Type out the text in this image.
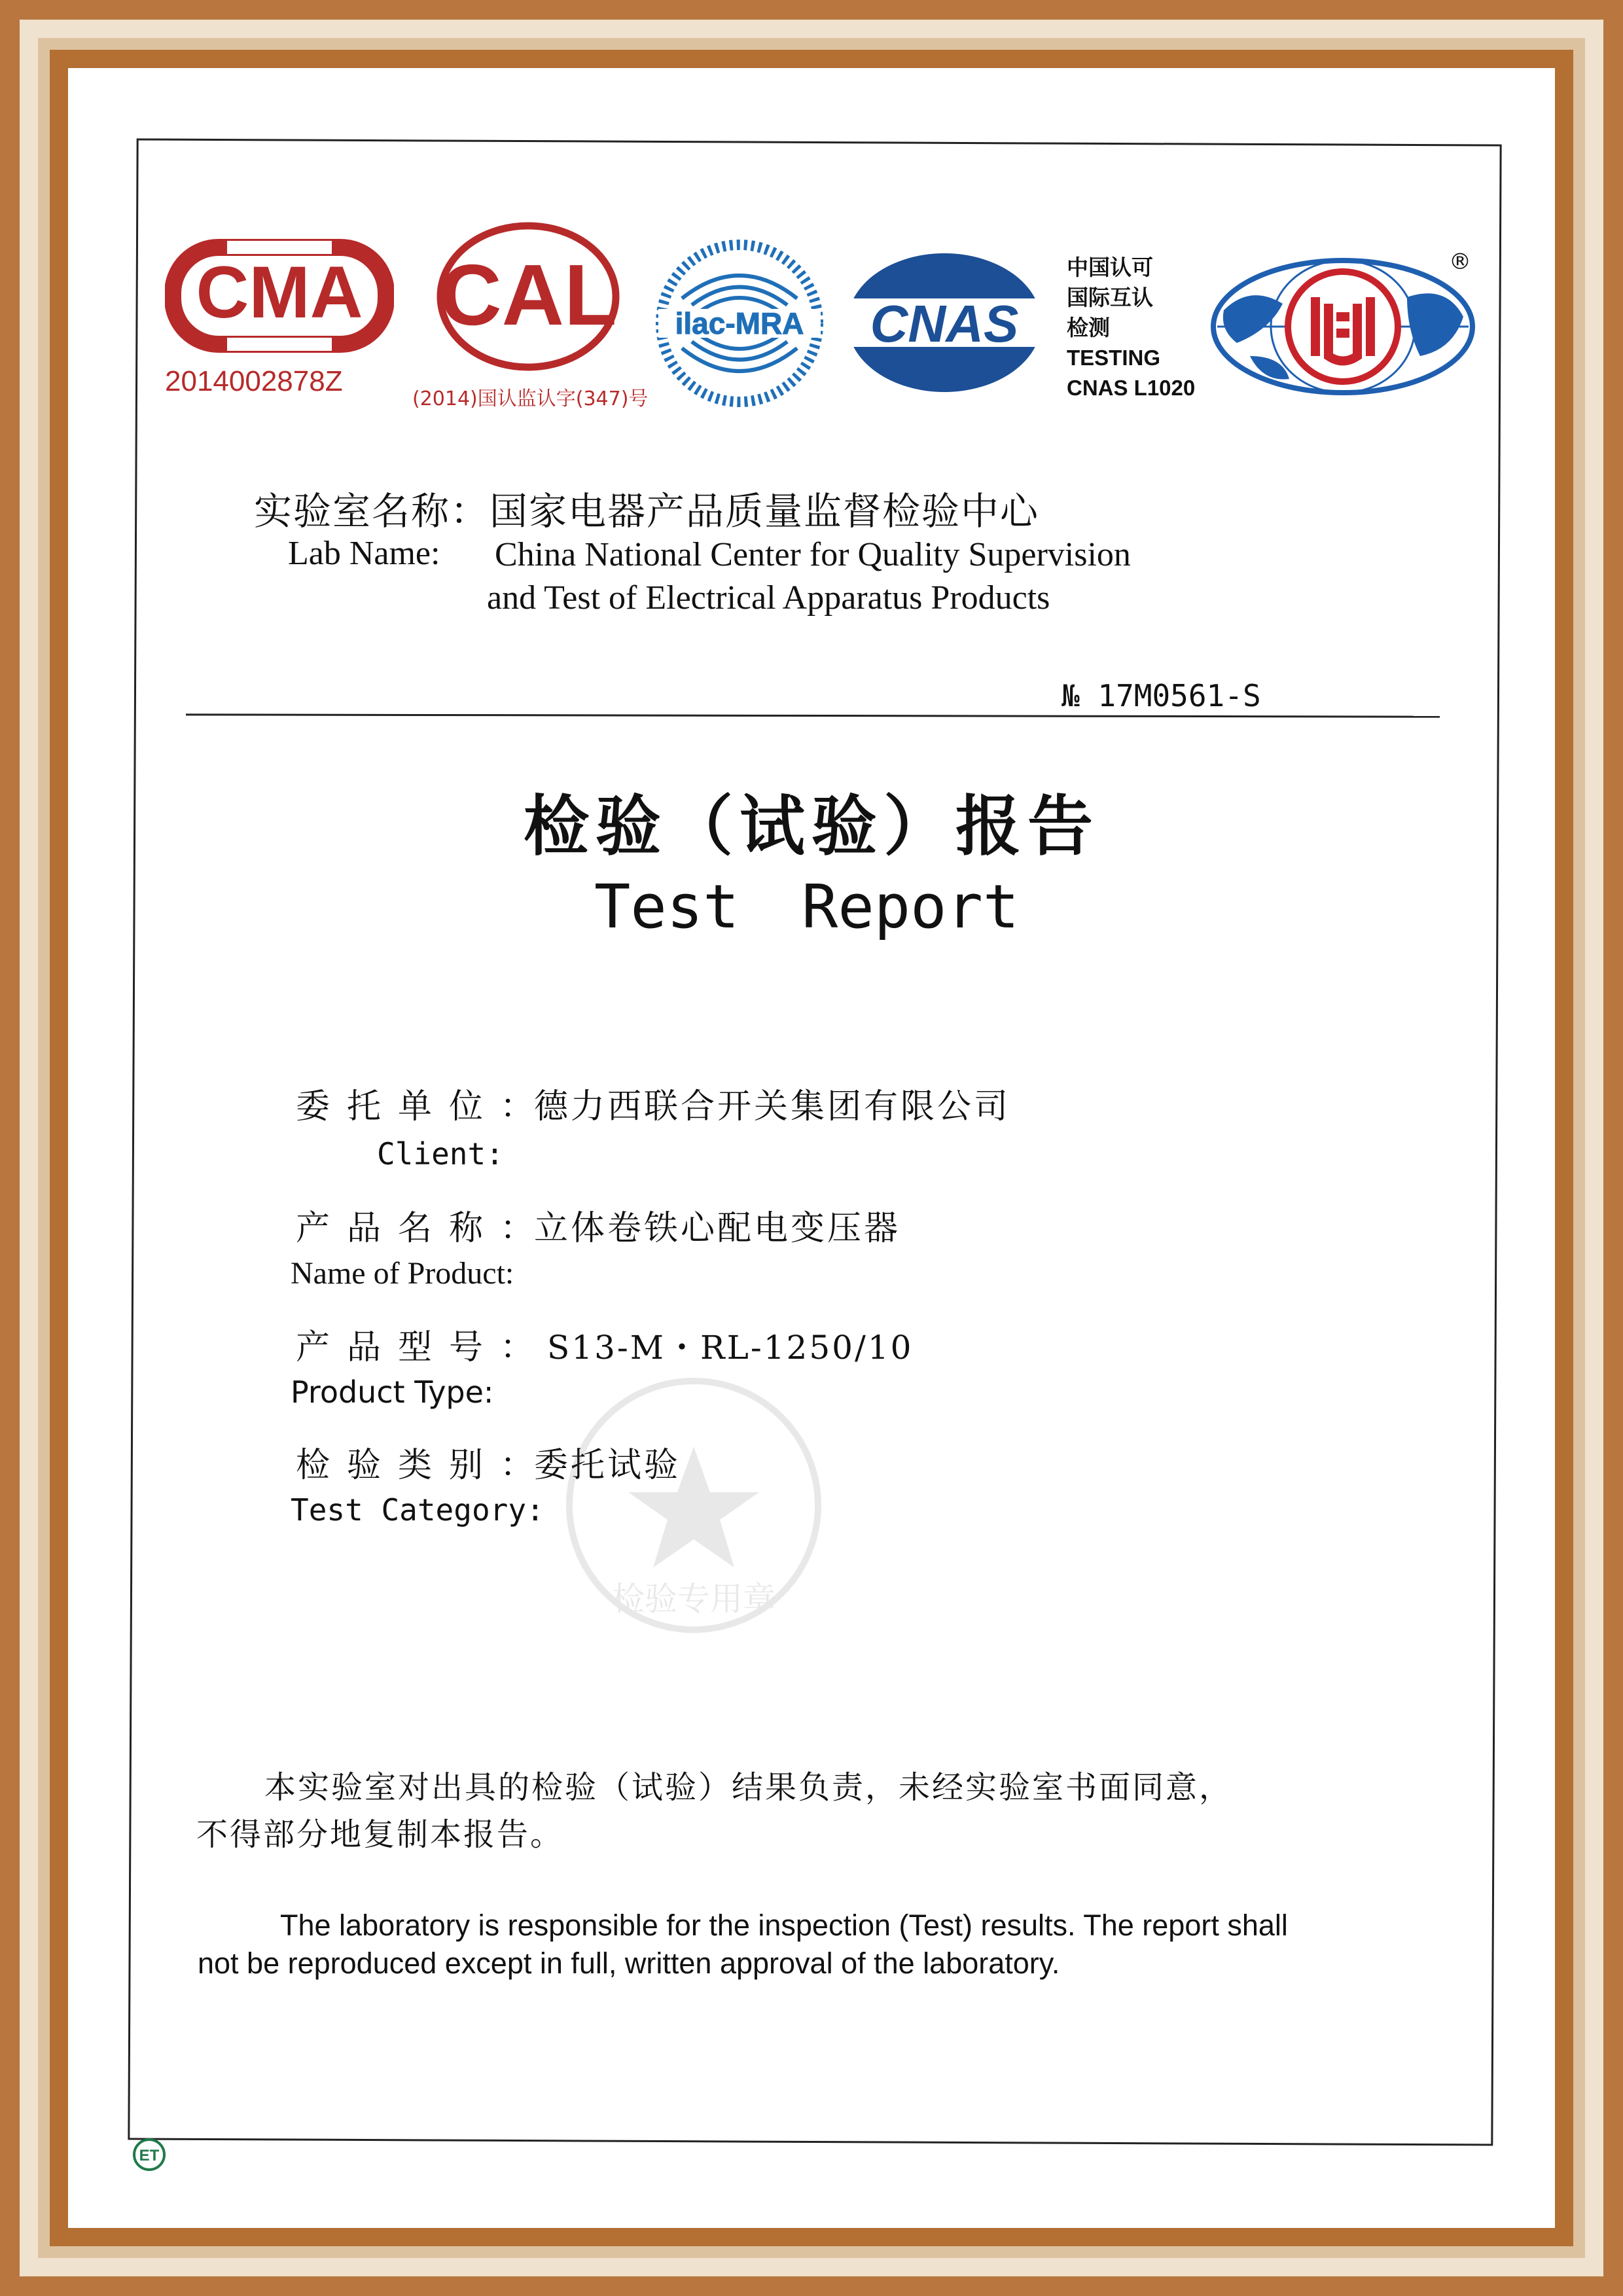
CMA
2014002878Z
CAL
(2014)国认监认字(347)号
ilac-MRA CNAS
中国认可
国际互认
检测
TESTING
CNAS L1020
®
实验室名称：国家电器产品质量监督检验中心
Lab Name: China National Center for Quality Supervision
and Test of Electrical Apparatus Products
№ 17M0561-S
检验（试验）报告
Test Report
委托单位：德力西联合开关集团有限公司
Client:
产品名称：立体卷铁心配电变压器
Name of Product:
产品型号： S13-M・RL-1250/10
Product Type:
检验类别：委托试验
Test Category:
检验专用章
本实验室对出具的检验（试验）结果负责，未经实验室书面同意，
不得部分地复制本报告。
The laboratory is responsible for the inspection (Test) results. The report shall
not be reproduced except in full, written approval of the laboratory.
ET
